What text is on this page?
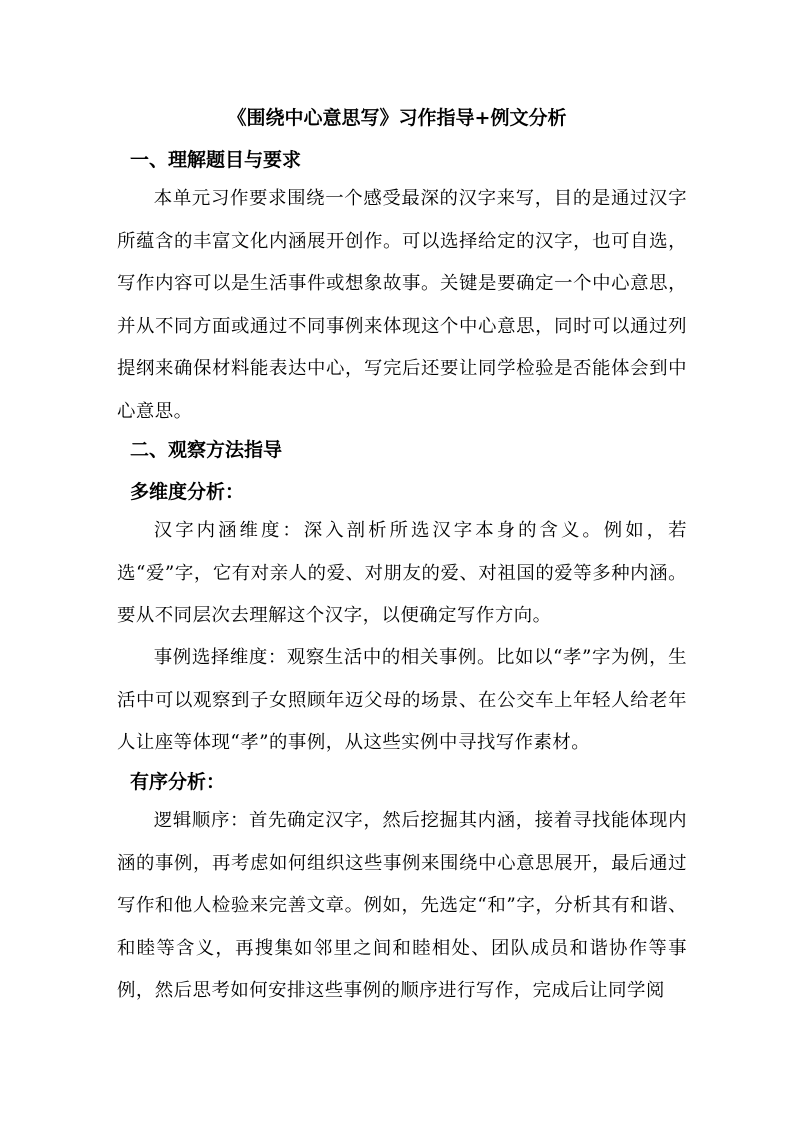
《围绕中心意思写》习作指导+例文分析
一、理解题目与要求
本单元习作要求围绕一个感受最深的汉字来写，目的是通过汉字所蕴含的丰富文化内涵展开创作。可以选择给定的汉字，也可自选，写作内容可以是生活事件或想象故事。关键是要确定一个中心意思，并从不同方面或通过不同事例来体现这个中心意思，同时可以通过列提纲来确保材料能表达中心，写完后还要让同学检验是否能体会到中心意思。
二、观察方法指导
多维度分析：
汉字内涵维度：深入剖析所选汉字本身的含义。例如，若选“爱”字，它有对亲人的爱、对朋友的爱、对祖国的爱等多种内涵。要从不同层次去理解这个汉字，以便确定写作方向。
事例选择维度：观察生活中的相关事例。比如以“孝”字为例，生活中可以观察到子女照顾年迈父母的场景、在公交车上年轻人给老年人让座等体现“孝”的事例，从这些实例中寻找写作素材。
有序分析：
逻辑顺序：首先确定汉字，然后挖掘其内涵，接着寻找能体现内涵的事例，再考虑如何组织这些事例来围绕中心意思展开，最后通过写作和他人检验来完善文章。例如，先选定“和”字，分析其有和谐、和睦等含义，再搜集如邻里之间和睦相处、团队成员和谐协作等事例，然后思考如何安排这些事例的顺序进行写作，完成后让同学阅
